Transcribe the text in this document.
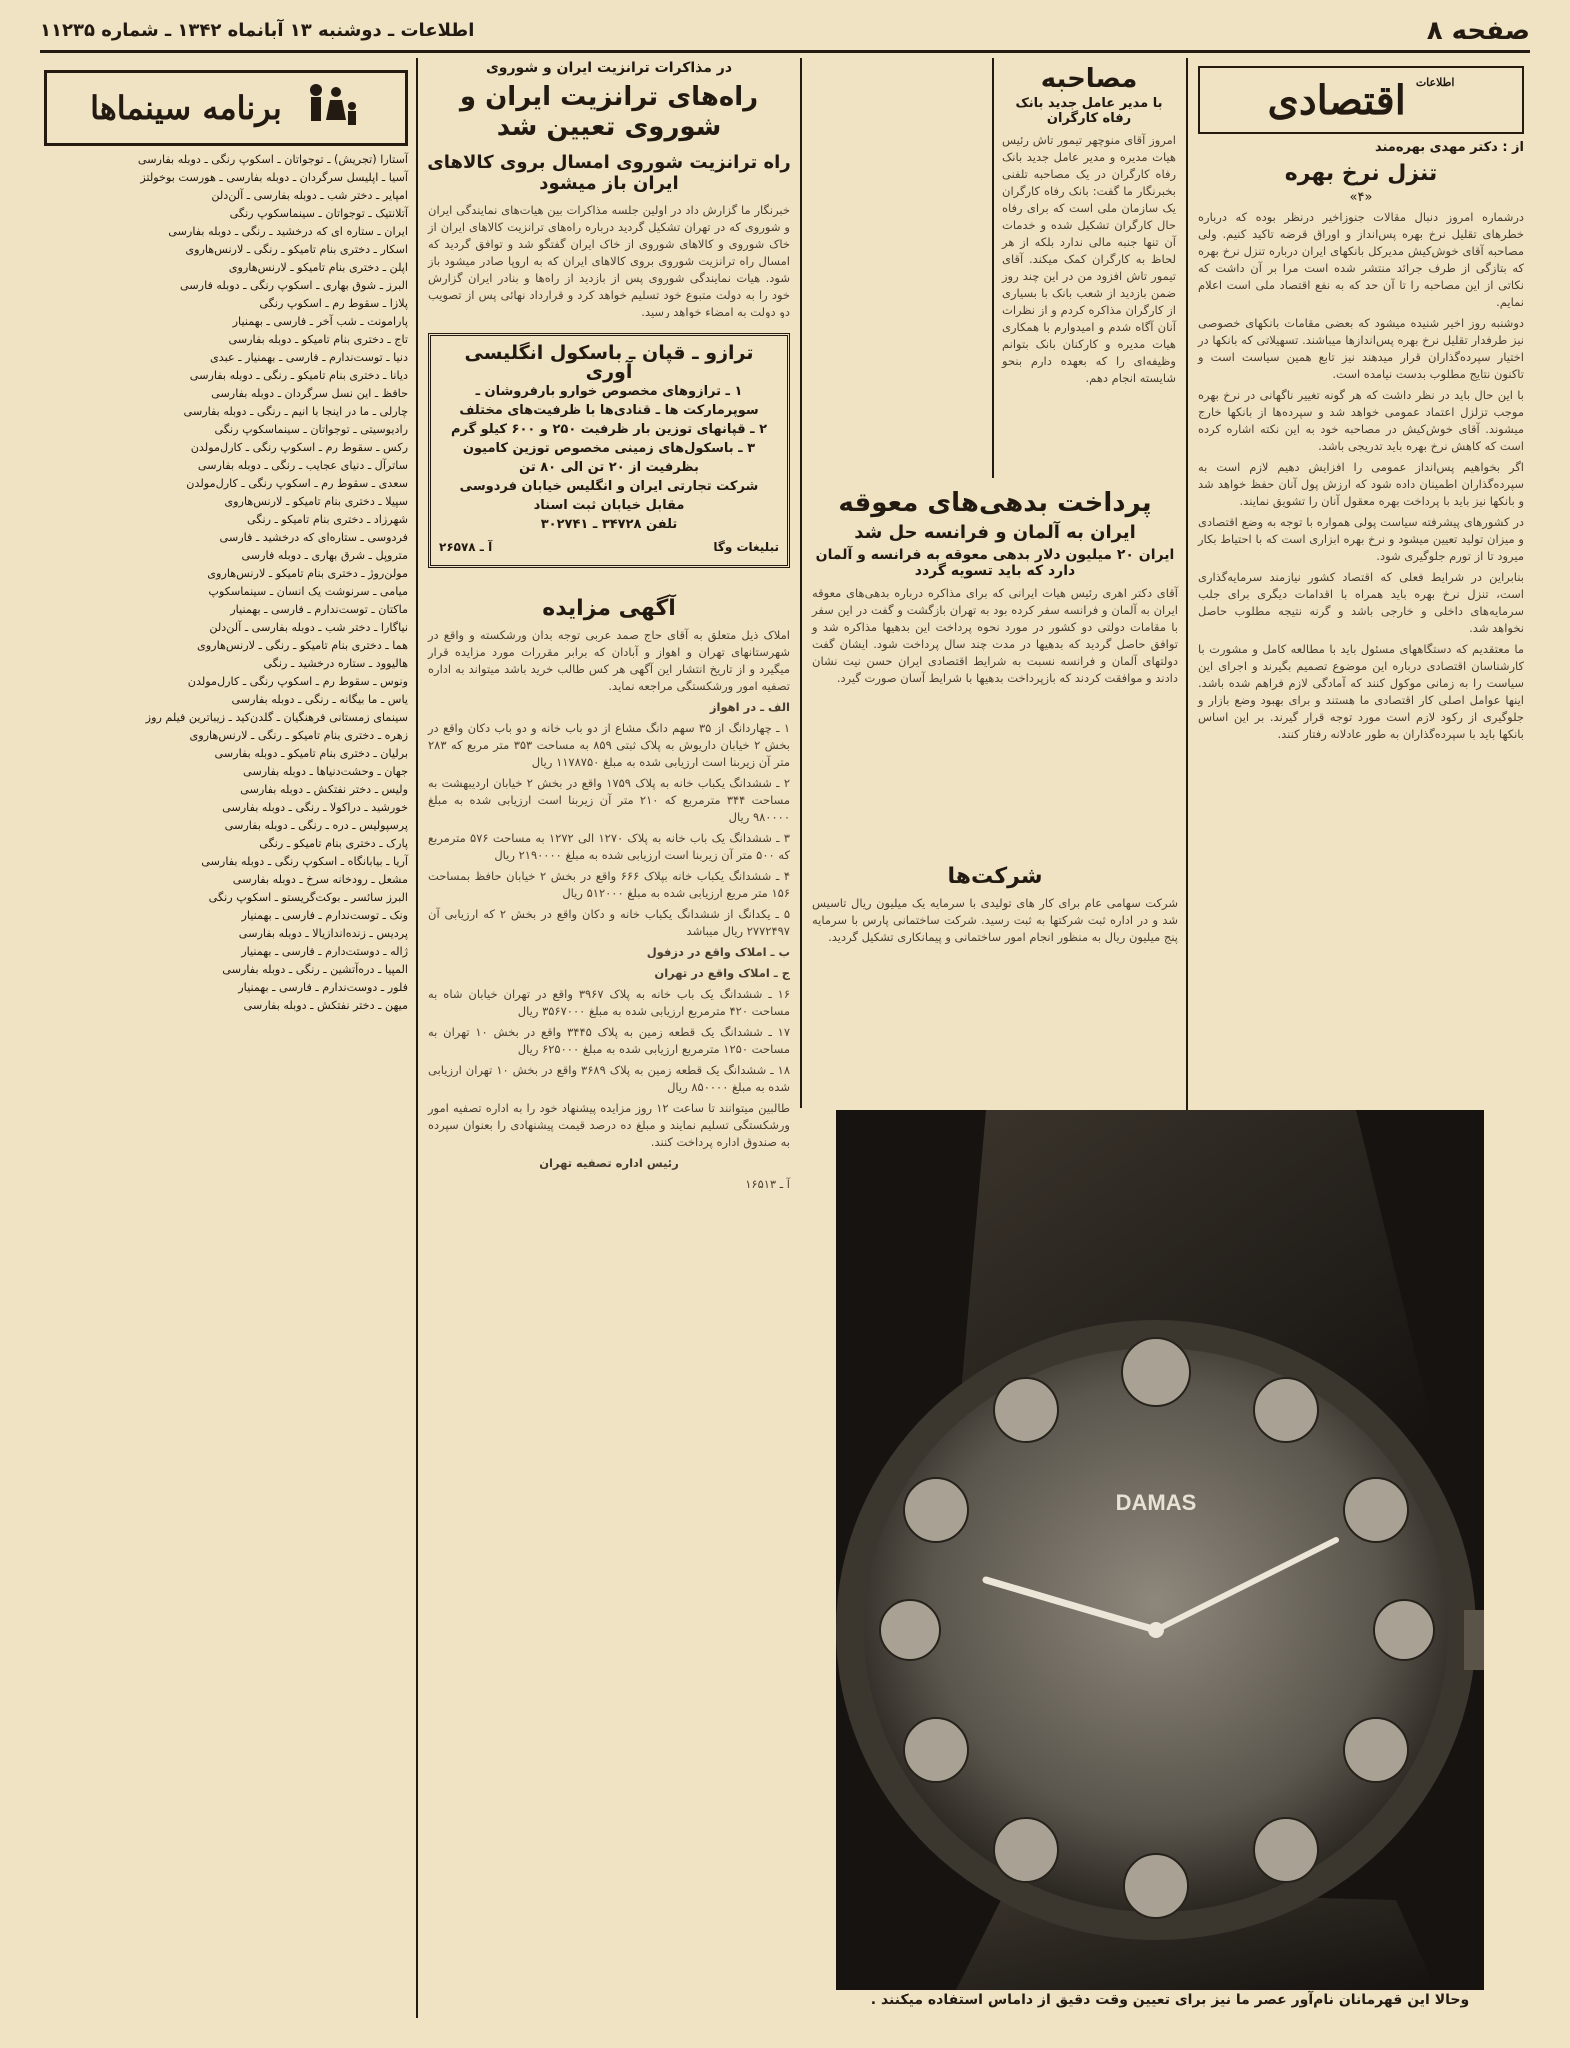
صفحه ۸
اطلاعات ـ دوشنبه ۱۳ آبانماه ۱۳۴۲ ـ شماره ۱۱۲۳۵
اطلاعات
اقتصادی
از : دکتر مهدی بهره‌مند
تنزل نرخ بهره
«۴»

درشماره امروز دنبال مقالات جنوزاخیر درنظر بوده که درباره خطرهای تقلیل نرخ بهره پس‌انداز و اوراق قرضه تاکید کنیم. ولی مصاحبه آقای خوش‌کیش مدیرکل بانکهای ایران درباره تنزل نرخ بهره که بتازگی از طرف جرائد منتشر شده است مرا بر آن داشت که نکاتی از این مصاحبه را تا آن حد که به نفع اقتصاد ملی است اعلام نمایم.

دوشنبه روز اخیر شنیده میشود که بعضی مقامات بانکهای خصوصی نیز طرفدار تقلیل نرخ بهره پس‌اندازها میباشند. تسهیلاتی که بانکها در اختیار سپرده‌گذاران قرار میدهند نیز تابع همین سیاست است و تاکنون نتایج مطلوب بدست نیامده است.

با این حال باید در نظر داشت که هر گونه تغییر ناگهانی در نرخ بهره موجب تزلزل اعتماد عمومی خواهد شد و سپرده‌ها از بانکها خارج میشوند. آقای خوش‌کیش در مصاحبه خود به این نکته اشاره کرده است که کاهش نرخ بهره باید تدریجی باشد.

اگر بخواهیم پس‌انداز عمومی را افزایش دهیم لازم است به سپرده‌گذاران اطمینان داده شود که ارزش پول آنان حفظ خواهد شد و بانکها نیز باید با پرداخت بهره معقول آنان را تشویق نمایند.

در کشورهای پیشرفته سیاست پولی همواره با توجه به وضع اقتصادی و میزان تولید تعیین میشود و نرخ بهره ابزاری است که با احتیاط بکار میرود تا از تورم جلوگیری شود.

بنابراین در شرایط فعلی که اقتصاد کشور نیازمند سرمایه‌گذاری است، تنزل نرخ بهره باید همراه با اقدامات دیگری برای جلب سرمایه‌های داخلی و خارجی باشد و گرنه نتیجه مطلوب حاصل نخواهد شد.

ما معتقدیم که دستگاههای مسئول باید با مطالعه کامل و مشورت با کارشناسان اقتصادی درباره این موضوع تصمیم بگیرند و اجرای این سیاست را به زمانی موکول کنند که آمادگی لازم فراهم شده باشد. اینها عوامل اصلی کار اقتصادی ما هستند و برای بهبود وضع بازار و جلوگیری از رکود لازم است مورد توجه قرار گیرند. بر این اساس بانکها باید با سپرده‌گذاران به طور عادلانه رفتار کنند.

مصاحبه
با مدیر عامل جدید بانک رفاه کارگران
امروز آقای منوچهر تیمور تاش رئیس هیات مدیره و مدیر عامل جدید بانک رفاه کارگران در یک مصاحبه تلفنی بخبرنگار ما گفت: بانک رفاه کارگران یک سازمان ملی است که برای رفاه حال کارگران تشکیل شده و خدمات آن تنها جنبه مالی ندارد بلکه از هر لحاظ به کارگران کمک میکند. آقای تیمور تاش افزود من در این چند روز ضمن بازدید از شعب بانک با بسیاری از کارگران مذاکره کردم و از نظرات آنان آگاه شدم و امیدوارم با همکاری هیات مدیره و کارکنان بانک بتوانم وظیفه‌ای را که بعهده دارم بنحو شایسته انجام دهم.
در مذاکرات ترانزیت ایران و شوروی
راه‌های ترانزیت ایران و شوروی تعیین شد
راه ترانزیت شوروی امسال بروی کالاهای ایران باز میشود
خبرنگار ما گزارش داد در اولین جلسه مذاکرات بین هیات‌های نمایندگی ایران و شوروی که در تهران تشکیل گردید درباره راه‌های ترانزیت کالاهای ایران از خاک شوروی و کالاهای شوروی از خاک ایران گفتگو شد و توافق گردید که امسال راه ترانزیت شوروی بروی کالاهای ایران که به اروپا صادر میشود باز شود. هیات نمایندگی شوروی پس از بازدید از راه‌ها و بنادر ایران گزارش خود را به دولت متبوع خود تسلیم خواهد کرد و قرارداد نهائی پس از تصویب دو دولت به امضاء خواهد رسید.
ترازو ـ قپان ـ باسکول انگلیسی آوری
۱ ـ ترازوهای مخصوص خوارو بارفروشان ـ سوپرمارکت ها ـ قنادی‌ها با ظرفیت‌های مختلف
۲ ـ قپانهای توزین بار ظرفیت ۲۵۰ و ۶۰۰ کیلو گرم
۳ ـ باسکول‌های زمینی مخصوص توزین کامیون بظرفیت از ۲۰ تن الی ۸۰ تن
شرکت تجارتی ایران و انگلیس خیابان فردوسی مقابل خیابان ثبت اسناد
تلفن ۳۴۷۲۸ ـ ۳۰۲۷۴۱
تبلیغات وگا
آ ـ ۲۶۵۷۸
آگهی مزایده

املاک ذیل متعلق به آقای حاج صمد عربی توجه بدان ورشکسته و واقع در شهرستانهای تهران و اهواز و آبادان که برابر مقررات مورد مزایده قرار میگیرد و از تاریخ انتشار این آگهی هر کس طالب خرید باشد میتواند به اداره تصفیه امور ورشکستگی مراجعه نماید.

الف ـ در اهواز

۱ ـ چهاردانگ از ۳۵ سهم دانگ مشاع از دو باب خانه و دو باب دکان واقع در بخش ۲ خیابان داریوش به پلاک ثبتی ۸۵۹ به مساحت ۳۵۳ متر مربع که ۲۸۳ متر آن زیربنا است ارزیابی شده به مبلغ ۱۱۷۸۷۵۰ ریال

۲ ـ ششدانگ یکباب خانه به پلاک ۱۷۵۹ واقع در بخش ۲ خیابان اردیبهشت به مساحت ۳۴۴ مترمربع که ۲۱۰ متر آن زیربنا است ارزیابی شده به مبلغ ۹۸۰۰۰۰ ریال

۳ ـ ششدانگ یک باب خانه به پلاک ۱۲۷۰ الی ۱۲۷۲ به مساحت ۵۷۶ مترمربع که ۵۰۰ متر آن زیربنا است ارزیابی شده به مبلغ ۲۱۹۰۰۰۰ ریال

۴ ـ ششدانگ یکباب خانه بپلاک ۶۶۶ واقع در بخش ۲ خیابان حافظ بمساحت ۱۵۶ متر مربع ارزیابی شده به مبلغ ۵۱۲۰۰۰ ریال

۵ ـ یکدانگ از ششدانگ یکباب خانه و دکان واقع در بخش ۲ که ارزیابی آن ۲۷۷۲۴۹۷ ریال میباشد

ب ـ املاک واقع در دزفول

ج ـ املاک واقع در تهران

۱۶ ـ ششدانگ یک باب خانه به پلاک ۳۹۶۷ واقع در تهران خیابان شاه به مساحت ۴۲۰ مترمربع ارزیابی شده به مبلغ ۳۵۶۷۰۰۰ ریال

۱۷ ـ ششدانگ یک قطعه زمین به پلاک ۳۴۴۵ واقع در بخش ۱۰ تهران به مساحت ۱۲۵۰ مترمربع ارزیابی شده به مبلغ ۶۲۵۰۰۰ ریال

۱۸ ـ ششدانگ یک قطعه زمین به پلاک ۳۶۸۹ واقع در بخش ۱۰ تهران ارزیابی شده به مبلغ ۸۵۰۰۰۰ ریال

طالبین میتوانند تا ساعت ۱۲ روز مزایده پیشنهاد خود را به اداره تصفیه امور ورشکستگی تسلیم نمایند و مبلغ ده درصد قیمت پیشنهادی را بعنوان سپرده به صندوق اداره پرداخت کنند.

رئیس اداره تصفیه تهران

آ ـ ۱۶۵۱۳

پرداخت بدهی‌های معوقه
ایران به آلمان و فرانسه حل شد
ایران ۲۰ میلیون دلار بدهی معوقه به فرانسه و آلمان دارد که باید تسویه گردد
آقای دکتر اهری رئیس هیات ایرانی که برای مذاکره درباره بدهی‌های معوقه ایران به آلمان و فرانسه سفر کرده بود به تهران بازگشت و گفت در این سفر با مقامات دولتی دو کشور در مورد نحوه پرداخت این بدهیها مذاکره شد و توافق حاصل گردید که بدهیها در مدت چند سال پرداخت شود. ایشان گفت دولتهای آلمان و فرانسه نسبت به شرایط اقتصادی ایران حسن نیت نشان دادند و موافقت کردند که بازپرداخت بدهیها با شرایط آسان صورت گیرد.
شرکت‌ها
شرکت سهامی عام برای کار های تولیدی با سرمایه یک میلیون ریال تاسیس شد و در اداره ثبت شرکتها به ثبت رسید. شرکت ساختمانی پارس با سرمایه پنج میلیون ریال به منظور انجام امور ساختمانی و پیمانکاری تشکیل گردید.
برنامه سینماها
آستارا (تجریش) ـ توجواتان ـ اسکوپ رنگی ـ دوبله بفارسی
آسیا ـ اپلیسل سرگردان ـ دوبله بفارسی ـ هورست بوخولتز
امپایر ـ دختر شب ـ دوبله بفارسی ـ آلن‌دلن
آتلانتیک ـ توجواتان ـ سینماسکوپ رنگی
ایران ـ ستاره ای که درخشید ـ رنگی ـ دوبله بفارسی
اسکار ـ دختری بنام تامیکو ـ رنگی ـ لارنس‌هاروی
اپلن ـ دختری بنام تامیکو ـ لارنس‌هاروی
البرز ـ شوق بهاری ـ اسکوپ رنگی ـ دوبله فارسی
پلازا ـ سقوط رم ـ اسکوپ رنگی
پارامونت ـ شب آخر ـ فارسی ـ بهمنیار
تاج ـ دختری بنام تامیکو ـ دوبله بفارسی
دنیا ـ توست‌ندارم ـ فارسی ـ بهمنیار ـ عبدی
دیانا ـ دختری بنام تامیکو ـ رنگی ـ دوبله بفارسی
حافظ ـ این نسل سرگردان ـ دوبله بفارسی
چارلی ـ ما در اینجا با انیم ـ رنگی ـ دوبله بفارسی
رادیوسیتی ـ توجواتان ـ سینماسکوپ رنگی
رکس ـ سقوط رم ـ اسکوپ رنگی ـ کارل‌مولدن
ساترآل ـ دنیای عجایب ـ رنگی ـ دوبله بفارسی
سعدی ـ سقوط رم ـ اسکوپ رنگی ـ کارل‌مولدن
سپیلا ـ دختری بنام تامیکو ـ لارنس‌هاروی
شهرزاد ـ دختری بنام تامیکو ـ رنگی
فردوسی ـ ستاره‌ای که درخشید ـ فارسی
متروپل ـ شرق بهاری ـ دوبله فارسی
مولن‌روژ ـ دختری بنام تامیکو ـ لارنس‌هاروی
میامی ـ سرنوشت یک انسان ـ سینماسکوپ
ماکتان ـ توست‌ندارم ـ فارسی ـ بهمنیار
نیاگارا ـ دختر شب ـ دوبله بفارسی ـ آلن‌دلن
هما ـ دختری بنام تامیکو ـ رنگی ـ لارنس‌هاروی
هالیوود ـ ستاره درخشید ـ رنگی
ونوس ـ سقوط رم ـ اسکوپ رنگی ـ کارل‌مولدن
یاس ـ ما بیگانه ـ رنگی ـ دوبله بفارسی
سینمای زمستانی فرهنگیان ـ گلدن‌کید ـ زیباترین فیلم روز
زهره ـ دختری بنام تامیکو ـ رنگی ـ لارنس‌هاروی
برلیان ـ دختری بنام تامیکو ـ دوبله بفارسی
جهان ـ وحشت‌دنیاها ـ دوبله بفارسی
ولیس ـ دختر نفتکش ـ دوبله بفارسی
خورشید ـ دراکولا ـ رنگی ـ دوبله بفارسی
پرسپولیس ـ دره ـ رنگی ـ دوبله بفارسی
پارک ـ دختری بنام تامیکو ـ رنگی
آریا ـ بیابانگاه ـ اسکوپ رنگی ـ دوبله بفارسی
مشعل ـ رودخانه سرخ ـ دوبله بفارسی
البرز سائسر ـ بوکت‌گریستو ـ اسکوپ رنگی
ونک ـ توست‌ندارم ـ فارسی ـ بهمنیار
پردیس ـ زنده‌اندازیالا ـ دوبله بفارسی
ژاله ـ دوستت‌دارم ـ فارسی ـ بهمنیار
المپیا ـ دره‌آتشین ـ رنگی ـ دوبله بفارسی
فلور ـ دوست‌ندارم ـ فارسی ـ بهمنیار
میهن ـ دختر نفتکش ـ دوبله بفارسی
DAMAS
وحالا این قهرمانان نام‌آور عصر ما نیز برای تعیین وقت دقیق از داماس استفاده میکنند .
